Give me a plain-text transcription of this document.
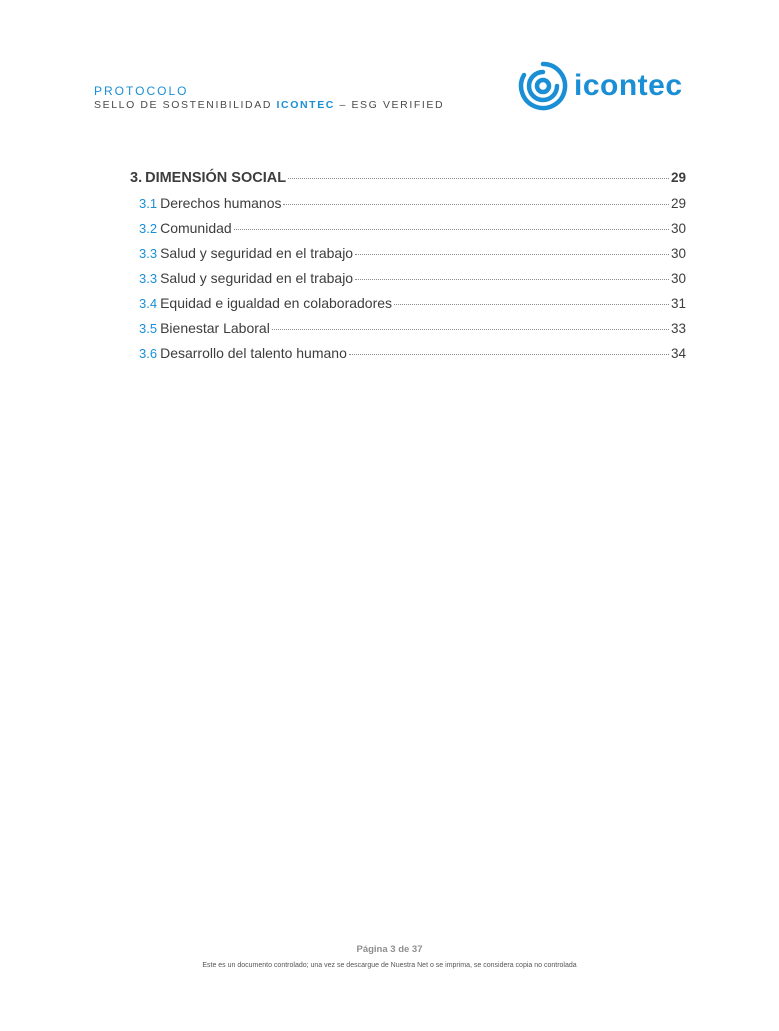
PROTOCOLO
SELLO DE SOSTENIBILIDAD ICONTEC – ESG VERIFIED
icontec
3. DIMENSIÓN SOCIAL	29
3.1 Derechos humanos	29
3.2 Comunidad	30
3.3 Salud y seguridad en el trabajo	30
3.3 Salud y seguridad en el trabajo	30
3.4 Equidad e igualdad en colaboradores	31
3.5 Bienestar Laboral	33
3.6 Desarrollo del talento humano	34
Página 3 de 37
Este es un documento controlado; una vez se descargue de Nuestra Net o se imprima, se considera copia no controlada
